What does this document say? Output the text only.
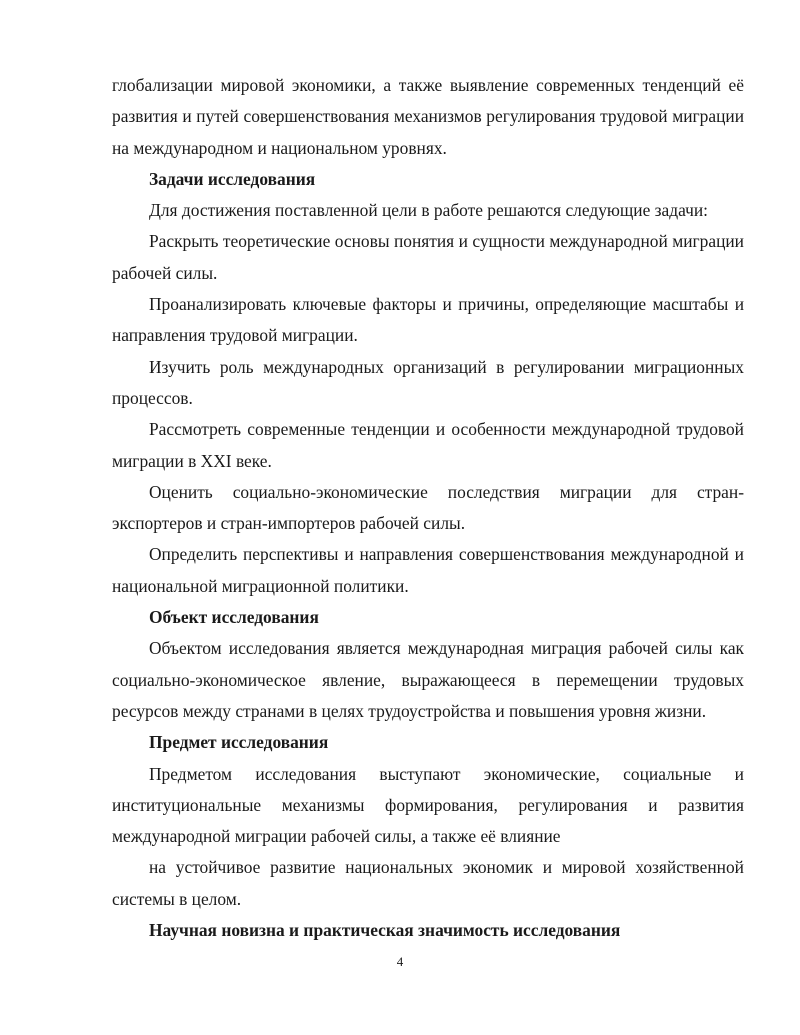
глобализации мировой экономики, а также выявление современных тенденций её развития и путей совершенствования механизмов регулирования трудовой миграции на международном и национальном уровнях.

Задачи исследования

Для достижения поставленной цели в работе решаются следующие задачи:

Раскрыть теоретические основы понятия и сущности международной миграции рабочей силы.

Проанализировать ключевые факторы и причины, определяющие масштабы и направления трудовой миграции.

Изучить роль международных организаций в регулировании миграционных процессов.

Рассмотреть современные тенденции и особенности международной трудовой миграции в XXI веке.

Оценить социально-экономические последствия миграции для стран-экспортеров и стран-импортеров рабочей силы.

Определить перспективы и направления совершенствования международной и национальной миграционной политики.

Объект исследования

Объектом исследования является международная миграция рабочей силы как социально-экономическое явление, выражающееся в перемещении трудовых ресурсов между странами в целях трудоустройства и повышения уровня жизни.

Предмет исследования

Предметом исследования выступают экономические, социальные и институциональные механизмы формирования, регулирования и развития международной миграции рабочей силы, а также её влияние

на устойчивое развитие национальных экономик и мировой хозяйственной системы в целом.

Научная новизна и практическая значимость исследования

4
